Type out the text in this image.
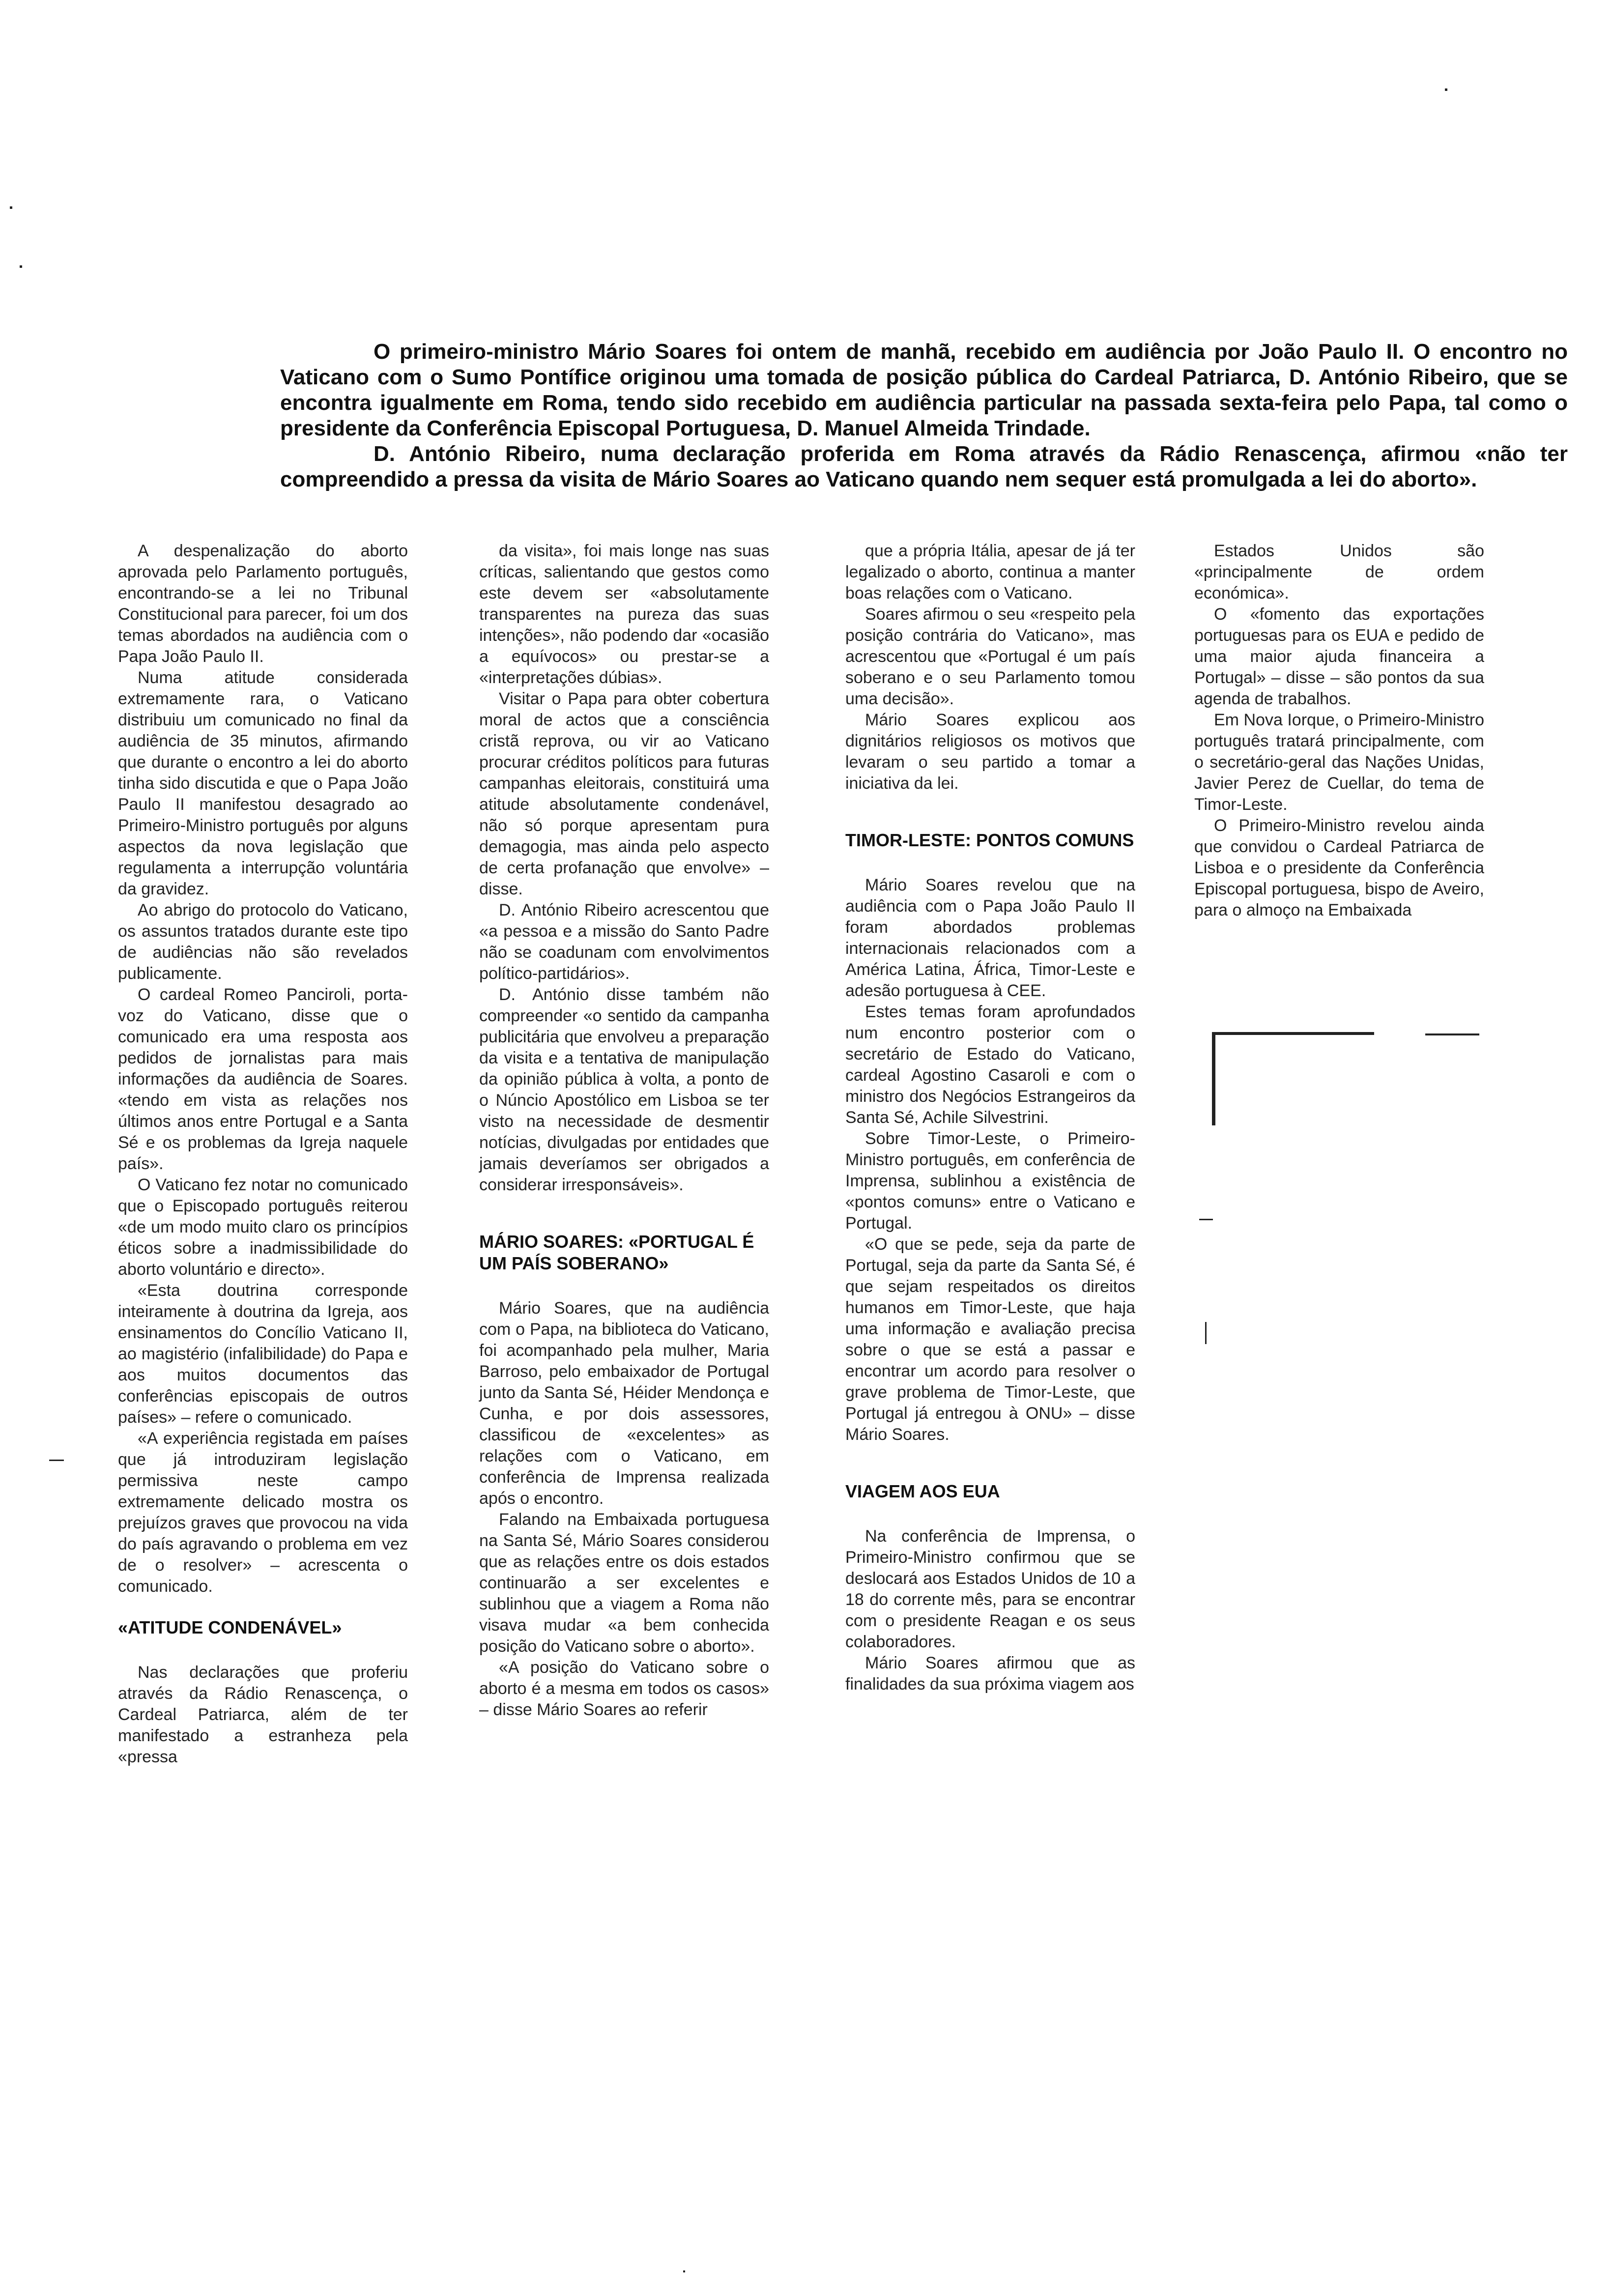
O primeiro-ministro Mário Soares foi ontem de manhã, recebido em audiência por João Paulo II. O encontro no Vaticano com o Sumo Pontífice originou uma tomada de posição pública do Cardeal Patriarca, D. António Ribeiro, que se encontra igualmente em Roma, tendo sido recebido em audiência particular na passada sexta-feira pelo Papa, tal como o presidente da Conferência Episcopal Portuguesa, D. Manuel Almeida Trindade.

D. António Ribeiro, numa declaração proferida em Roma através da Rádio Renascença, afirmou «não ter compreendido a pressa da visita de Mário Soares ao Vaticano quando nem sequer está promulgada a lei do aborto».

A despenalização do aborto aprovada pelo Parlamento português, encontrando-se a lei no Tribunal Constitucional para parecer, foi um dos temas abordados na audiência com o Papa João Paulo II.

Numa atitude considerada extremamente rara, o Vaticano distribuiu um comunicado no final da audiência de 35 minutos, afirmando que durante o encontro a lei do aborto tinha sido discutida e que o Papa João Paulo II manifestou desagrado ao Primeiro-Ministro português por alguns aspectos da nova legislação que regulamenta a interrupção voluntária da gravidez.

Ao abrigo do protocolo do Vaticano, os assuntos tratados durante este tipo de audiências não são revelados publicamente.

O cardeal Romeo Panciroli, porta-voz do Vaticano, disse que o comunicado era uma resposta aos pedidos de jornalistas para mais informações da audiência de Soares. «tendo em vista as relações nos últimos anos entre Portugal e a Santa Sé e os problemas da Igreja naquele país».

O Vaticano fez notar no comunicado que o Episcopado português reiterou «de um modo muito claro os princípios éticos sobre a inadmissibilidade do aborto voluntário e directo».

«Esta doutrina corresponde inteiramente à doutrina da Igreja, aos ensinamentos do Concílio Vaticano II, ao magistério (infalibilidade) do Papa e aos muitos documentos das conferências episcopais de outros países» – refere o comunicado.

«A experiência registada em países que já introduziram legislação permissiva neste campo extremamente delicado mostra os prejuízos graves que provocou na vida do país agravando o problema em vez de o resolver» – acrescenta o comunicado.

«ATITUDE CONDENÁVEL»

Nas declarações que proferiu através da Rádio Renascença, o Cardeal Patriarca, além de ter manifestado a estranheza pela «pressa

da visita», foi mais longe nas suas críticas, salientando que gestos como este devem ser «absolutamente transparentes na pureza das suas intenções», não podendo dar «ocasião a equívocos» ou prestar-se a «interpretações dúbias».

Visitar o Papa para obter cobertura moral de actos que a consciência cristã reprova, ou vir ao Vaticano procurar créditos políticos para futuras campanhas eleitorais, constituirá uma atitude absolutamente condenável, não só porque apresentam pura demagogia, mas ainda pelo aspecto de certa profanação que envolve» – disse.

D. António Ribeiro acrescentou que «a pessoa e a missão do Santo Padre não se coadunam com envolvimentos político-partidários».

D. António disse também não compreender «o sentido da campanha publicitária que envolveu a preparação da visita e a tentativa de manipulação da opinião pública à volta, a ponto de o Núncio Apostólico em Lisboa se ter visto na necessidade de desmentir notícias, divulgadas por entidades que jamais deveríamos ser obrigados a considerar irresponsáveis».

MÁRIO SOARES: «PORTUGAL É UM PAÍS SOBERANO»

Mário Soares, que na audiência com o Papa, na biblioteca do Vaticano, foi acompanhado pela mulher, Maria Barroso, pelo embaixador de Portugal junto da Santa Sé, Héider Mendonça e Cunha, e por dois assessores, classificou de «excelentes» as relações com o Vaticano, em conferência de Imprensa realizada após o encontro.

Falando na Embaixada portuguesa na Santa Sé, Mário Soares considerou que as relações entre os dois estados continuarão a ser excelentes e sublinhou que a viagem a Roma não visava mudar «a bem conhecida posição do Vaticano sobre o aborto».

«A posição do Vaticano sobre o aborto é a mesma em todos os casos» – disse Mário Soares ao referir

que a própria Itália, apesar de já ter legalizado o aborto, continua a manter boas relações com o Vaticano.

Soares afirmou o seu «respeito pela posição contrária do Vaticano», mas acrescentou que «Portugal é um país soberano e o seu Parlamento tomou uma decisão».

Mário Soares explicou aos dignitários religiosos os motivos que levaram o seu partido a tomar a iniciativa da lei.

TIMOR-LESTE: PONTOS COMUNS

Mário Soares revelou que na audiência com o Papa João Paulo II foram abordados problemas internacionais relacionados com a América Latina, África, Timor-Leste e adesão portuguesa à CEE.

Estes temas foram aprofundados num encontro posterior com o secretário de Estado do Vaticano, cardeal Agostino Casaroli e com o ministro dos Negócios Estrangeiros da Santa Sé, Achile Silvestrini.

Sobre Timor-Leste, o Primeiro-Ministro português, em conferência de Imprensa, sublinhou a existência de «pontos comuns» entre o Vaticano e Portugal.

«O que se pede, seja da parte de Portugal, seja da parte da Santa Sé, é que sejam respeitados os direitos humanos em Timor-Leste, que haja uma informação e avaliação precisa sobre o que se está a passar e encontrar um acordo para resolver o grave problema de Timor-Leste, que Portugal já entregou à ONU» – disse Mário Soares.

VIAGEM AOS EUA

Na conferência de Imprensa, o Primeiro-Ministro confirmou que se deslocará aos Estados Unidos de 10 a 18 do corrente mês, para se encontrar com o presidente Reagan e os seus colaboradores.

Mário Soares afirmou que as finalidades da sua próxima viagem aos

Estados Unidos são «principalmente de ordem económica».

O «fomento das exportações portuguesas para os EUA e pedido de uma maior ajuda financeira a Portugal» – disse – são pontos da sua agenda de trabalhos.

Em Nova Iorque, o Primeiro-Ministro português tratará principalmente, com o secretário-geral das Nações Unidas, Javier Perez de Cuellar, do tema de Timor-Leste.

O Primeiro-Ministro revelou ainda que convidou o Cardeal Patriarca de Lisboa e o presidente da Conferência Episcopal portuguesa, bispo de Aveiro, para o almoço na Embaixada
